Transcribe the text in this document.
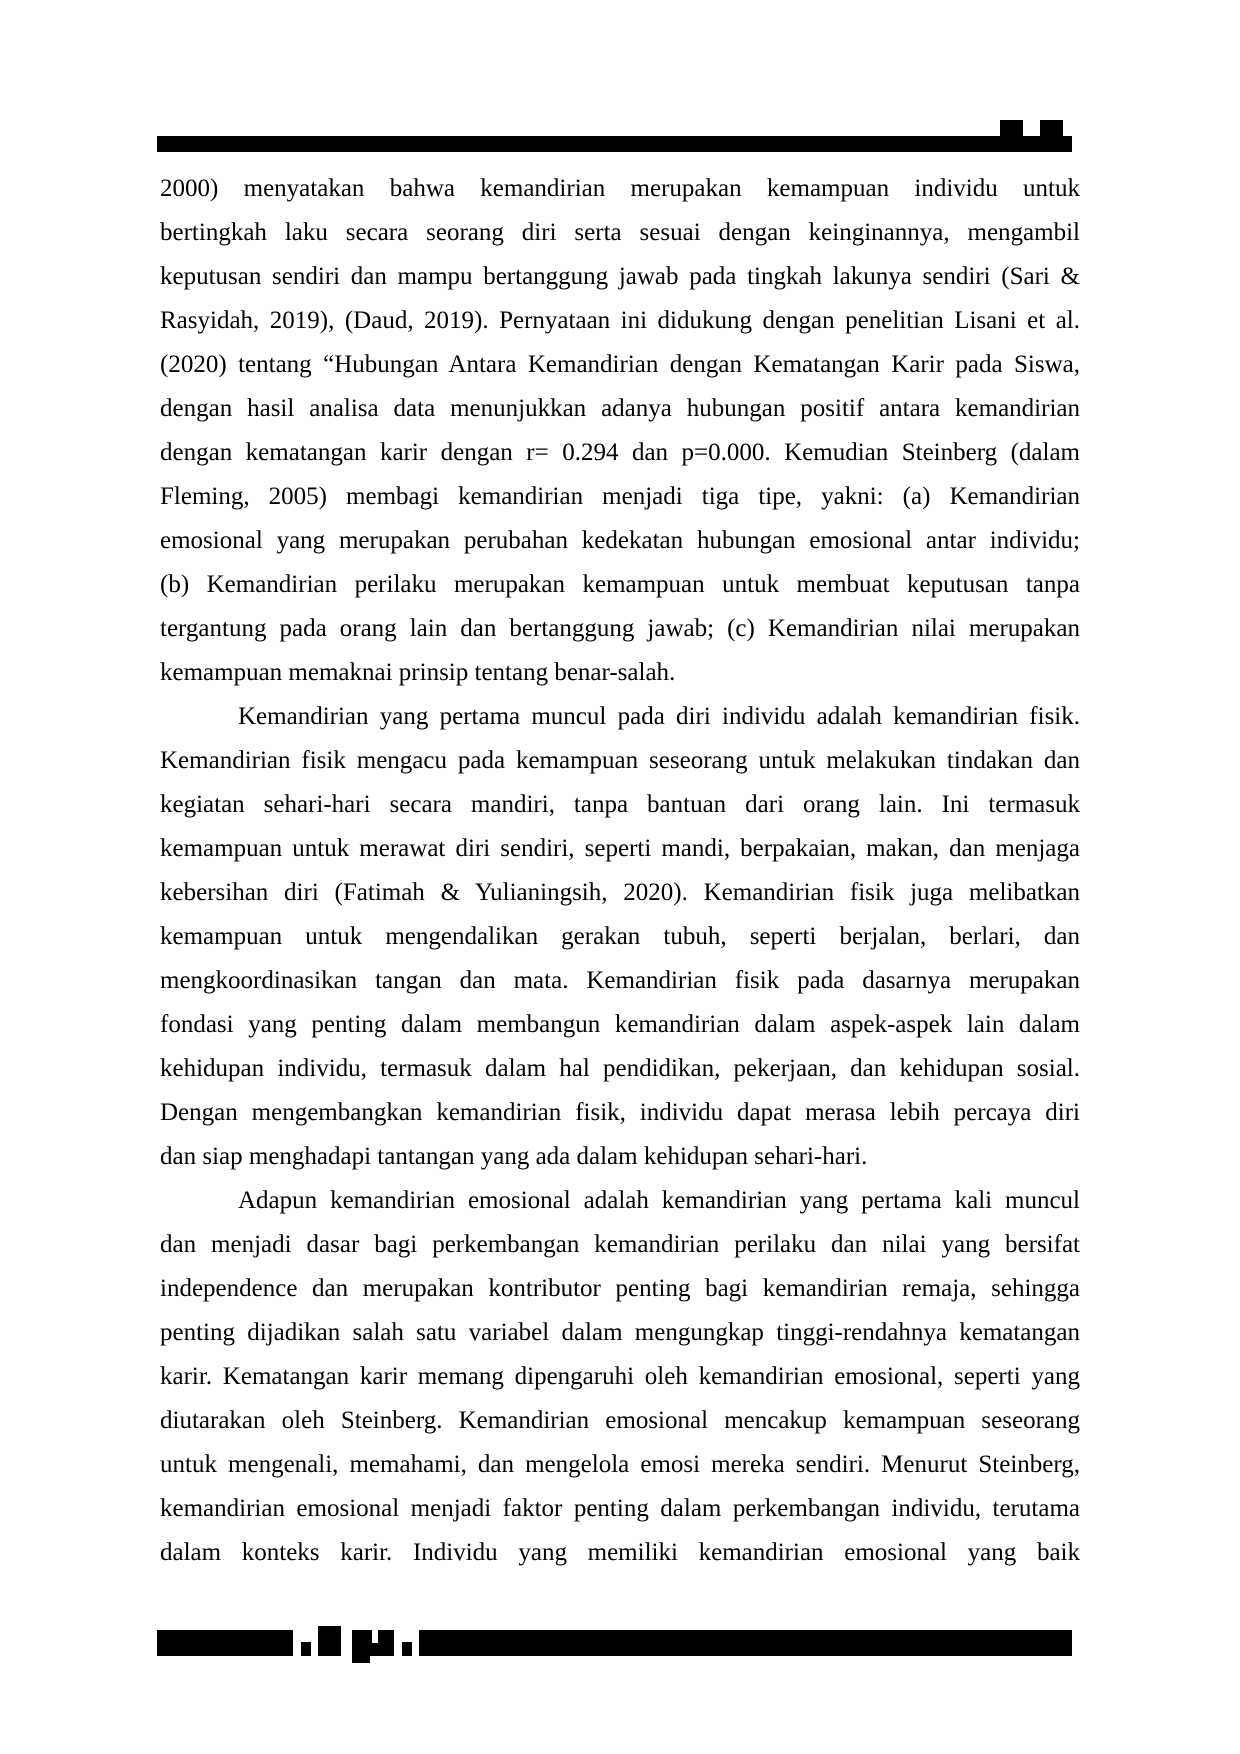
2000) menyatakan bahwa kemandirian merupakan kemampuan individu untuk
bertingkah laku secara seorang diri serta sesuai dengan keinginannya, mengambil
keputusan sendiri dan mampu bertanggung jawab pada tingkah lakunya sendiri (Sari &
Rasyidah, 2019), (Daud, 2019). Pernyataan ini didukung dengan penelitian Lisani et al.
(2020) tentang “Hubungan Antara Kemandirian dengan Kematangan Karir pada Siswa,
dengan hasil analisa data menunjukkan adanya hubungan positif antara kemandirian
dengan kematangan karir dengan r= 0.294 dan p=0.000. Kemudian Steinberg (dalam
Fleming, 2005) membagi kemandirian menjadi tiga tipe, yakni: (a) Kemandirian
emosional yang merupakan perubahan kedekatan hubungan emosional antar individu;
(b) Kemandirian perilaku merupakan kemampuan untuk membuat keputusan tanpa
tergantung pada orang lain dan bertanggung jawab; (c) Kemandirian nilai merupakan
kemampuan memaknai prinsip tentang benar-salah.
Kemandirian yang pertama muncul pada diri individu adalah kemandirian fisik.
Kemandirian fisik mengacu pada kemampuan seseorang untuk melakukan tindakan dan
kegiatan sehari-hari secara mandiri, tanpa bantuan dari orang lain. Ini termasuk
kemampuan untuk merawat diri sendiri, seperti mandi, berpakaian, makan, dan menjaga
kebersihan diri (Fatimah & Yulianingsih, 2020). Kemandirian fisik juga melibatkan
kemampuan untuk mengendalikan gerakan tubuh, seperti berjalan, berlari, dan
mengkoordinasikan tangan dan mata. Kemandirian fisik pada dasarnya merupakan
fondasi yang penting dalam membangun kemandirian dalam aspek-aspek lain dalam
kehidupan individu, termasuk dalam hal pendidikan, pekerjaan, dan kehidupan sosial.
Dengan mengembangkan kemandirian fisik, individu dapat merasa lebih percaya diri
dan siap menghadapi tantangan yang ada dalam kehidupan sehari-hari.
Adapun kemandirian emosional adalah kemandirian yang pertama kali muncul
dan menjadi dasar bagi perkembangan kemandirian perilaku dan nilai yang bersifat
independence dan merupakan kontributor penting bagi kemandirian remaja, sehingga
penting dijadikan salah satu variabel dalam mengungkap tinggi-rendahnya kematangan
karir. Kematangan karir memang dipengaruhi oleh kemandirian emosional, seperti yang
diutarakan oleh Steinberg. Kemandirian emosional mencakup kemampuan seseorang
untuk mengenali, memahami, dan mengelola emosi mereka sendiri. Menurut Steinberg,
kemandirian emosional menjadi faktor penting dalam perkembangan individu, terutama
dalam konteks karir. Individu yang memiliki kemandirian emosional yang baik
